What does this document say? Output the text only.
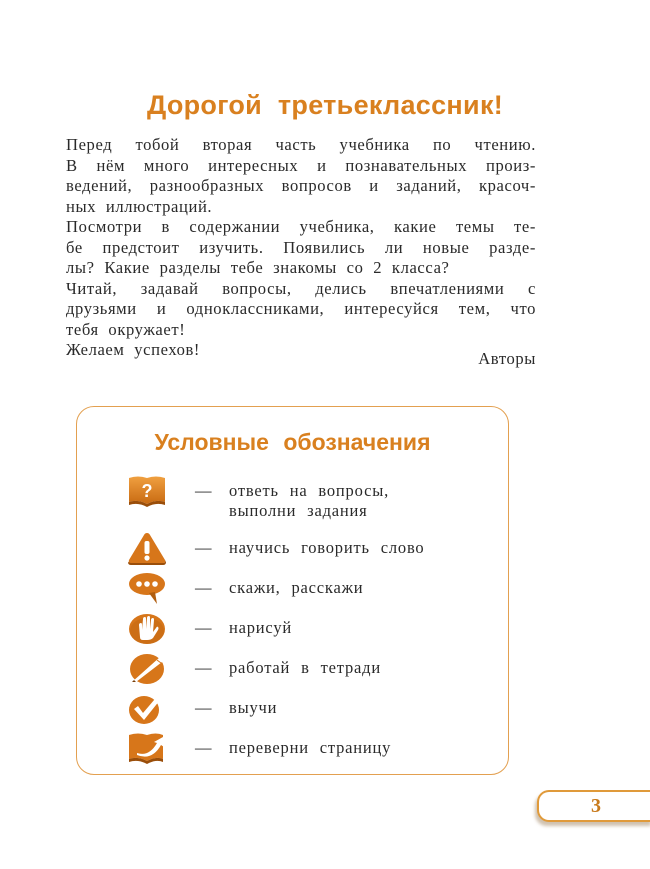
Дорогой третьеклассник!
Перед тобой вторая часть учебника по чтению.
В нём много интересных и познавательных произ-
ведений, разнообразных вопросов и заданий, красоч-
ных иллюстраций.
Посмотри в содержании учебника, какие темы те-
бе предстоит изучить. Появились ли новые разде-
лы? Какие разделы тебе знакомы со 2 класса?
Читай, задавай вопросы, делись впечатлениями с
друзьями и одноклассниками, интересуйся тем, что
тебя окружает!
Желаем успехов!	Авторы
Условные обозначения
?	—	ответь на вопросы,
выполни задания
—	научись говорить слово
—	скажи, расскажи
—	нарисуй
—	работай в тетради
—	выучи
—	переверни страницу
3
